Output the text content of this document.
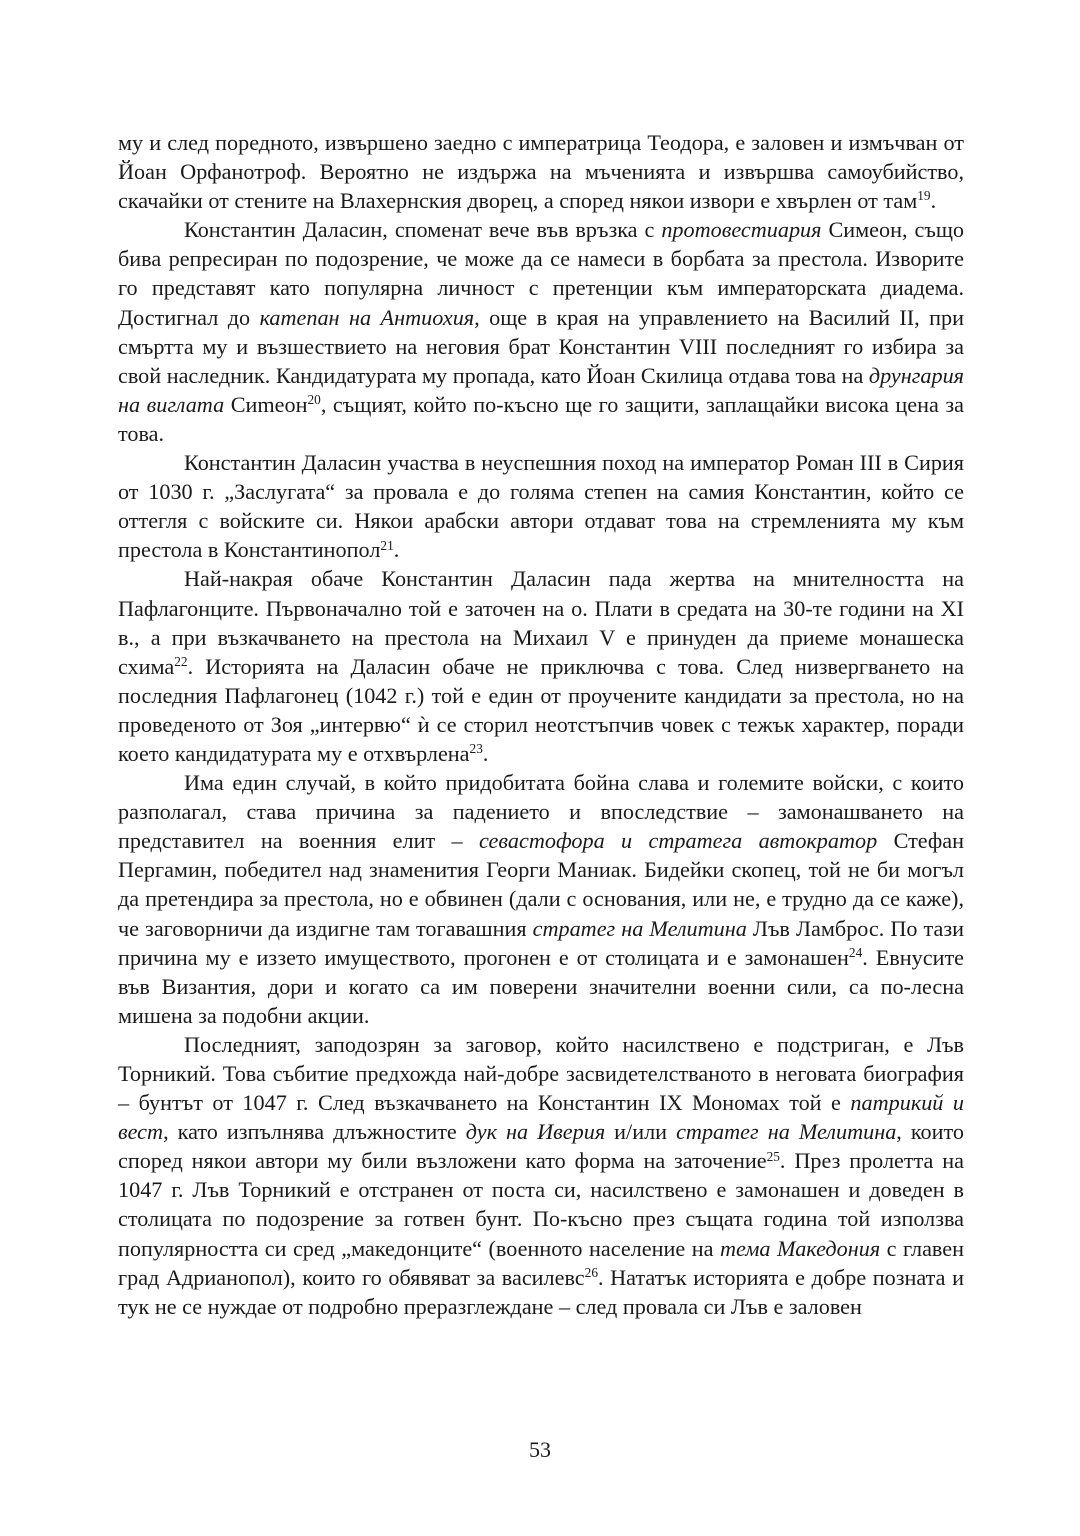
му и след поредното, извършено заедно с императрица Теодора, е заловен и измъчван от Йоан Орфанотроф. Вероятно не издържа на мъченията и извършва самоубийство, скачайки от стените на Влахернския дворец, а според някои извори е хвърлен от там$^{19}$.

Константин Даласин, споменат вече във връзка с протовестиария Симеон, също бива репресиран по подозрение, че може да се намеси в борбата за престола. Изворите го представят като популярна личност с претенции към императорската диадема. Достигнал до катепан на Антиохия, още в края на управлението на Василий II, при смъртта му и възшествието на неговия брат Константин VIII последният го избира за свой наследник. Кандидатурата му пропада, като Йоан Скилица отдава това на друнгария на виглата Сиmеон$^{20}$, същият, който по-късно ще го защити, заплащайки висока цена за това.

Константин Даласин участва в неуспешния поход на император Роман III в Сирия от 1030 г. „Заслугата“ за провала е до голяма степен на самия Константин, който се оттегля с войските си. Някои арабски автори отдават това на стремленията му към престола в Константинопол$^{21}$.

Най-накрая обаче Константин Даласин пада жертва на мнителността на Пафлагонците. Първоначално той е заточен на о. Плати в средата на 30-те години на XI в., а при възкачването на престола на Михаил V е принуден да приеме монашеска схима$^{22}$. Историята на Даласин обаче не приключва с това. След низвергването на последния Пафлагонец (1042 г.) той е един от проучените кандидати за престола, но на проведеното от Зоя „интервю“ ѝ се сторил неотстъпчив човек с тежък характер, поради което кандидатурата му е отхвърлена$^{23}$.

Има един случай, в който придобитата бойна слава и големите войски, с които разполагал, става причина за падението и впоследствие – замонашването на представител на военния елит – севастофора и стратега автократор Стефан Пергамин, победител над знаменития Георги Маниак. Бидейки скопец, той не би могъл да претендира за престола, но е обвинен (дали с основания, или не, е трудно да се каже), че заговорничи да издигне там тогавашния стратег на Мелитина Лъв Ламброс. По тази причина му е иззето имуществото, прогонен е от столицата и е замонашен$^{24}$. Евнусите във Византия, дори и когато са им поверени значителни военни сили, са по-лесна мишена за подобни акции.

Последният, заподозрян за заговор, който насилствено е подстриган, е Лъв Торникий. Това събитие предхожда най-добре засвидетелстваното в неговата биография – бунтът от 1047 г. След възкачването на Константин IX Мономах той е патрикий и вест, като изпълнява длъжностите дук на Иверия и/или стратег на Мелитина, които според някои автори му били възложени като форма на заточение$^{25}$. През пролетта на 1047 г. Лъв Торникий е отстранен от поста си, насилствено е замонашен и доведен в столицата по подозрение за готвен бунт. По-късно през същата година той използва популярността си сред „македонците“ (военното население на тема Македония с главен град Адрианопол), които го обявяват за василевс$^{26}$. Нататък историята е добре позната и тук не се нуждае от подробно преразглеждане – след провала си Лъв е заловен

53
